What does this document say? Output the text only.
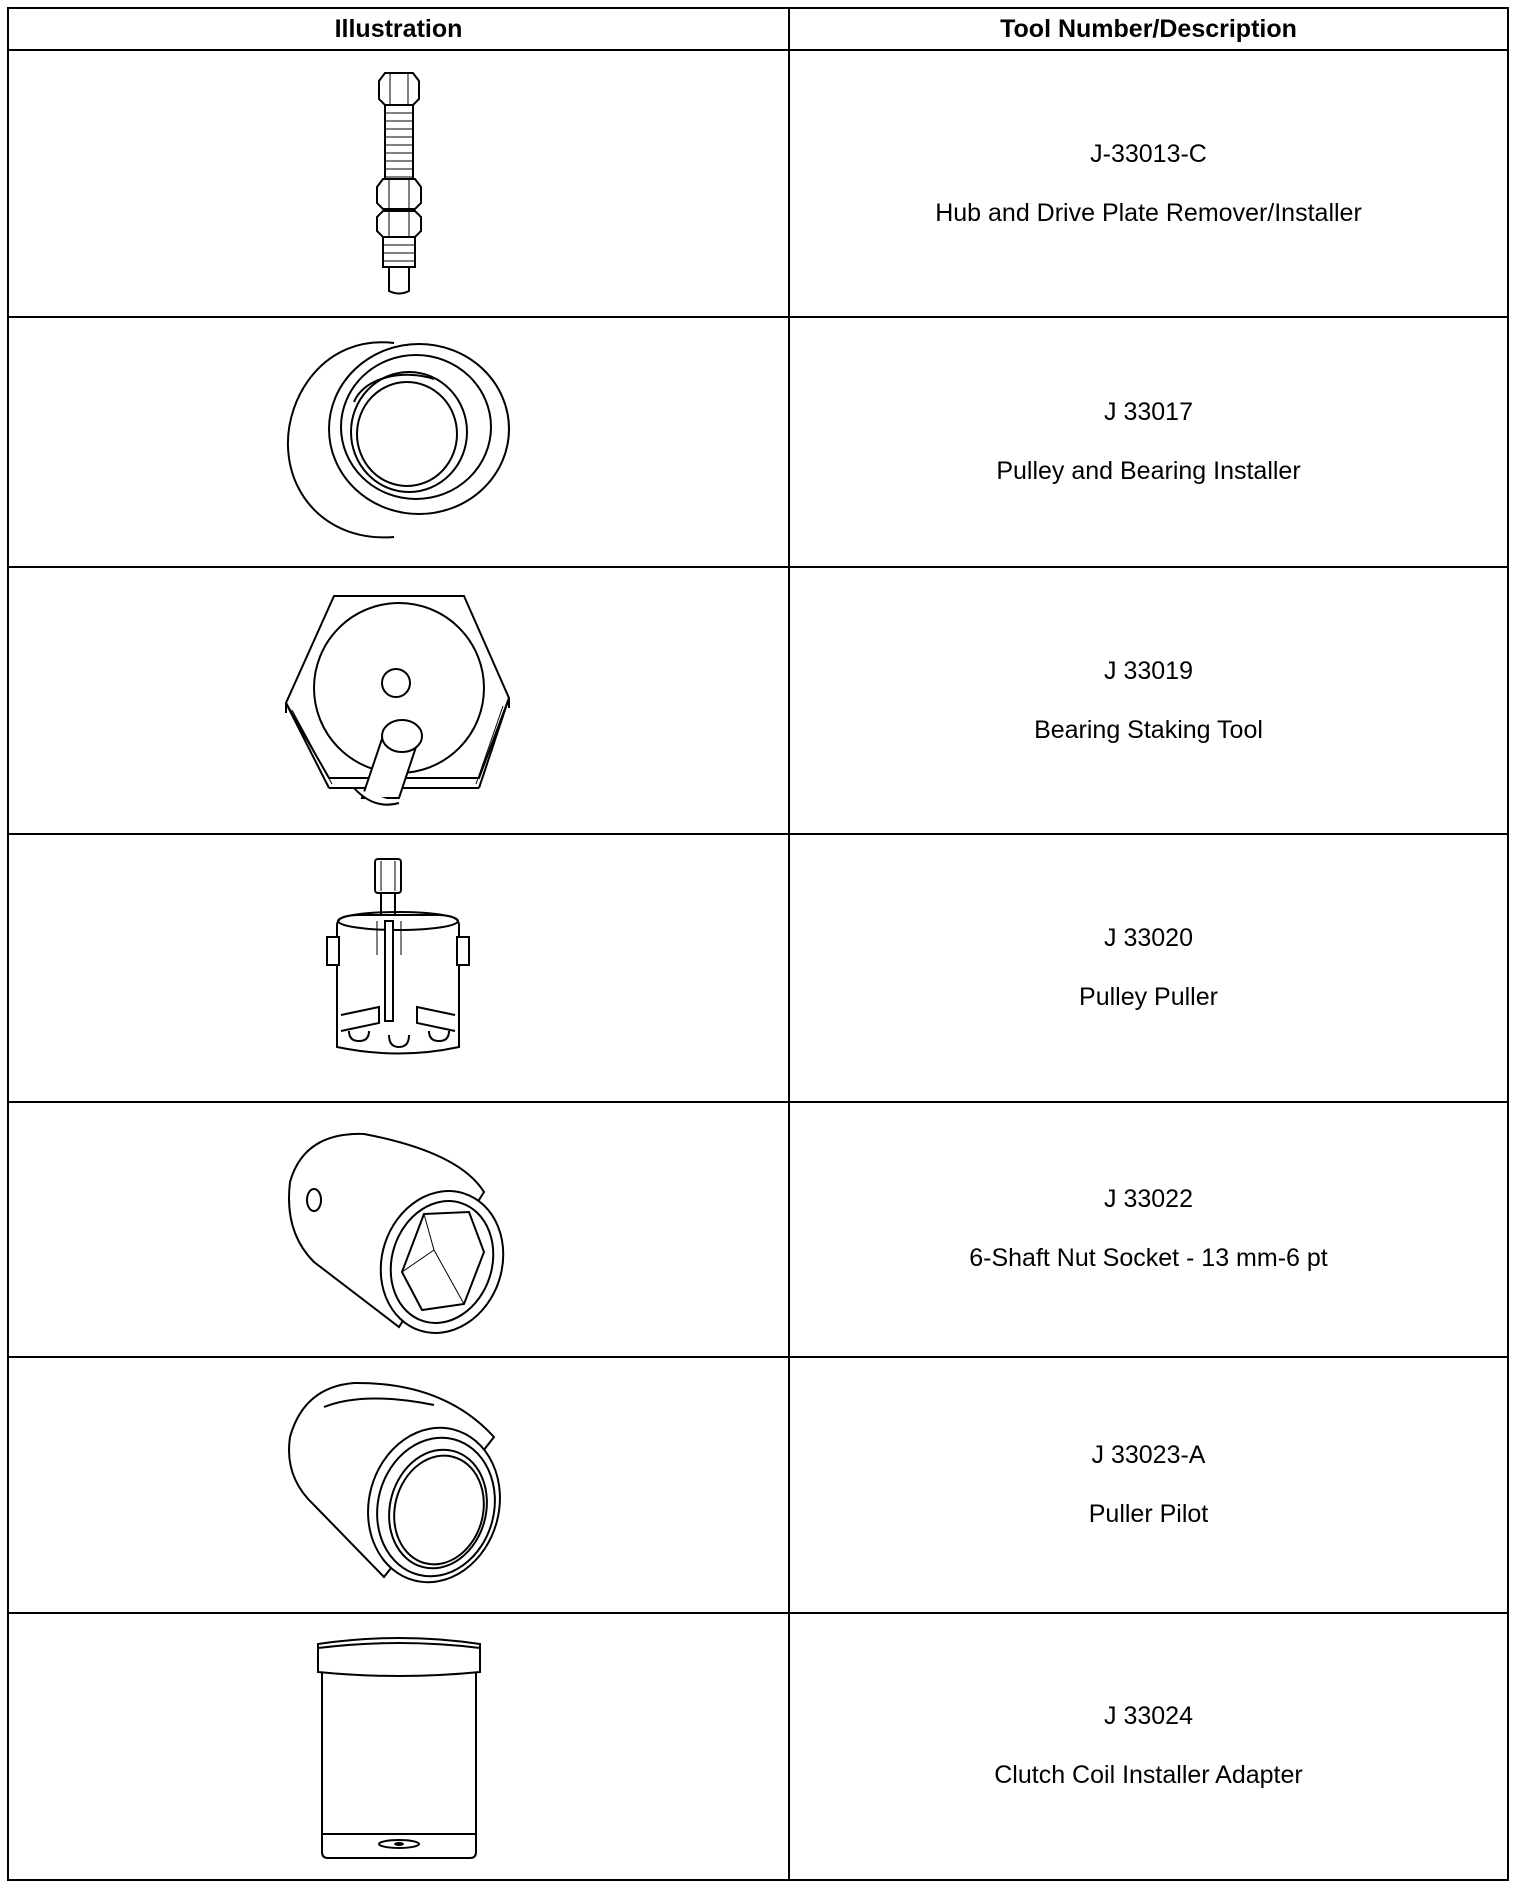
Illustration	Tool Number/Description

J-33013-C
Hub and Drive Plate Remover/Installer

J 33017
Pulley and Bearing Installer

J 33019
Bearing Staking Tool

J 33020
Pulley Puller

J 33022
6-Shaft Nut Socket - 13 mm-6 pt

J 33023-A
Puller Pilot

J 33024
Clutch Coil Installer Adapter
